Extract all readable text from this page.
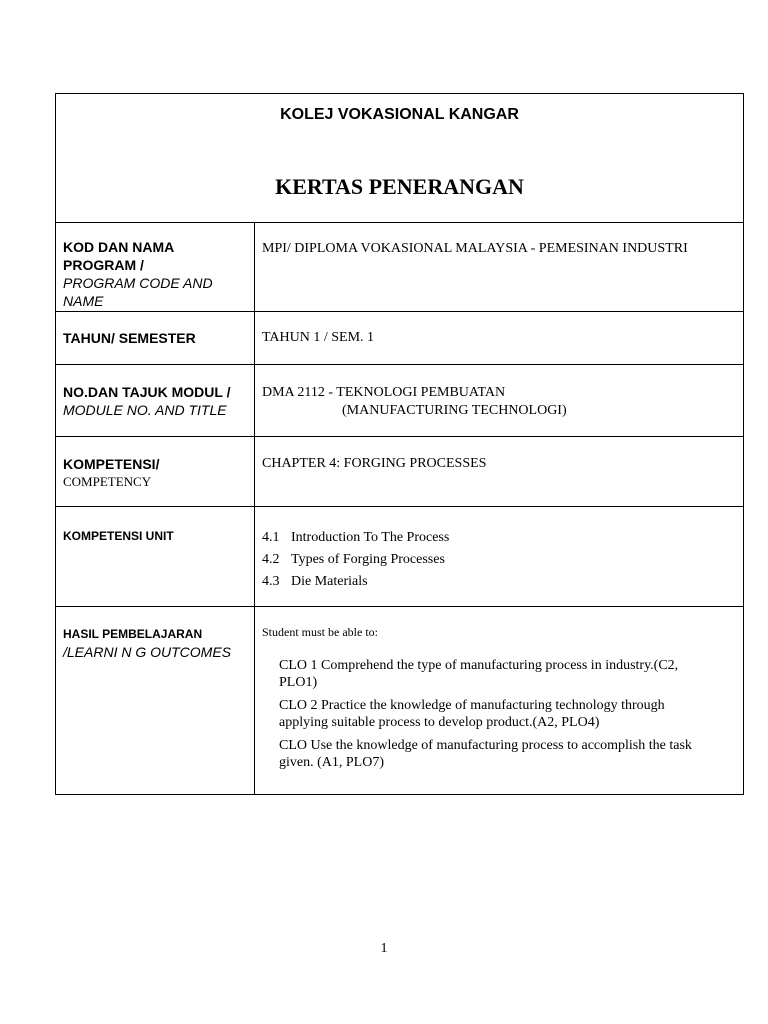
KOLEJ VOKASIONAL KANGAR
KERTAS PENERANGAN
KOD DAN NAMA PROGRAM /
PROGRAM CODE AND NAME
MPI/ DIPLOMA VOKASIONAL MALAYSIA - PEMESINAN INDUSTRI
TAHUN/ SEMESTER	TAHUN 1 / SEM. 1
NO.DAN TAJUK MODUL /
MODULE NO. AND TITLE
DMA 2112 - TEKNOLOGI PEMBUATAN
(MANUFACTURING TECHNOLOGI)
KOMPETENSI/
COMPETENCY
CHAPTER 4: FORGING PROCESSES
KOMPETENSI UNIT	4.1 Introduction To The Process
4.2 Types of Forging Processes
4.3 Die Materials
HASIL PEMBELAJARAN
/LEARNI N G OUTCOMES
Student must be able to:
CLO 1 Comprehend the type of manufacturing process in industry.(C2, PLO1)
CLO 2 Practice the knowledge of manufacturing technology through applying suitable process to develop product.(A2, PLO4)
CLO Use the knowledge of manufacturing process to accomplish the task given. (A1, PLO7)
1
